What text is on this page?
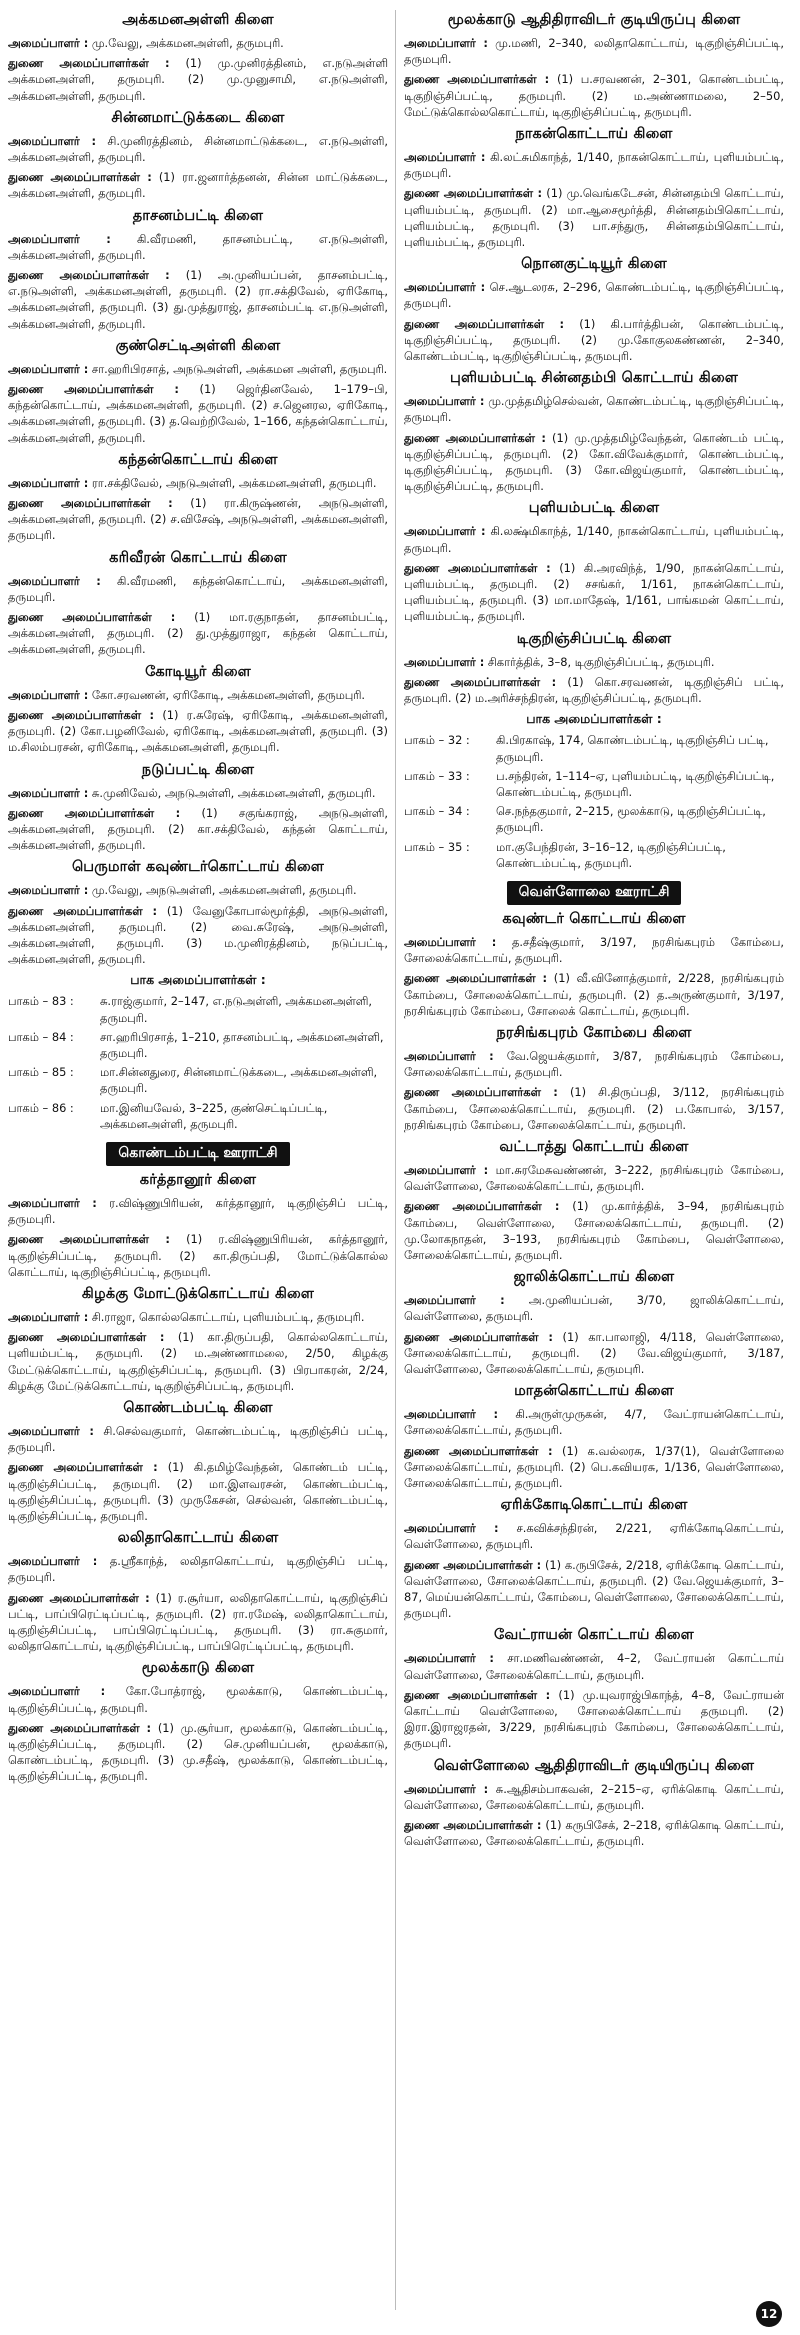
அக்கமனஅள்ளி கிளை
அமைப்பாளர் : மு.வேலு, அக்கமனஅள்ளி, தருமபுரி.
துணை அமைப்பாளர்கள் : (1) மு.முனிரத்தினம், எ.நடுஅள்ளி அக்கமனஅள்ளி, தருமபுரி. (2) மு.முனுசாமி, எ.நடுஅள்ளி, அக்கமனஅள்ளி, தருமபுரி.
சின்னமாட்டுக்கடை கிளை
அமைப்பாளர் : சி.முனிரத்தினம், சின்னமாட்டுக்கடை, எ.நடுஅள்ளி, அக்கமனஅள்ளி, தருமபுரி.
துணை அமைப்பாளர்கள் : (1) ரா.ஜனார்த்தனன், சின்ன மாட்டுக்கடை, அக்கமனஅள்ளி, தருமபுரி.
தாசனம்பட்டி கிளை
அமைப்பாளர் : கி.வீரமணி, தாசனம்பட்டி, எ.நடுஅள்ளி, அக்கமனஅள்ளி, தருமபுரி.
துணை அமைப்பாளர்கள் : (1) அ.முனியப்பன், தாசனம்பட்டி, எ.நடுஅள்ளி, அக்கமனஅள்ளி, தருமபுரி. (2) ரா.சக்திவேல், ஏரிகோடி, அக்கமனஅள்ளி, தருமபுரி. (3) து.முத்துராஜ், தாசனம்பட்டி எ.நடுஅள்ளி, அக்கமனஅள்ளி, தருமபுரி.
குண்செட்டிஅள்ளி கிளை
அமைப்பாளர் : சா.ஹரிபிரசாத், அநடுஅள்ளி, அக்கமன அள்ளி, தருமபுரி.
துணை அமைப்பாளர்கள் : (1) ஜெர்தினவேல், 1–179–பி, கந்தன்கொட்டாய், அக்கமனஅள்ளி, தருமபுரி. (2) ச.ஜெனரல, ஏரிகோடி, அக்கமனஅள்ளி, தருமபுரி. (3) த.வெற்றிவேல், 1–166, கந்தன்கொட்டாய், அக்கமனஅள்ளி, தருமபுரி.
கந்தன்கொட்டாய் கிளை
அமைப்பாளர் : ரா.சக்திவேல், அநடுஅள்ளி, அக்கமனஅள்ளி, தருமபுரி.
துணை அமைப்பாளர்கள் : (1) ரா.கிருஷ்ணன், அநடுஅள்ளி, அக்கமனஅள்ளி, தருமபுரி. (2) ச.விசேஷ், அநடுஅள்ளி, அக்கமனஅள்ளி, தருமபுரி.
கரிவீரன் கொட்டாய் கிளை
அமைப்பாளர் : கி.வீரமணி, கந்தன்கொட்டாய், அக்கமனஅள்ளி, தருமபுரி.
துணை அமைப்பாளர்கள் : (1) மா.ரகுநாதன், தாசனம்பட்டி, அக்கமனஅள்ளி, தருமபுரி. (2) து.முத்துராஜா, கந்தன் கொட்டாய், அக்கமனஅள்ளி, தருமபுரி.
கோடியூர் கிளை
அமைப்பாளர் : கோ.சரவணன், ஏரிகோடி, அக்கமனஅள்ளி, தருமபுரி.
துணை அமைப்பாளர்கள் : (1) ர.சுரேஷ், ஏரிகோடி, அக்கமனஅள்ளி, தருமபுரி. (2) கோ.பழனிவேல், ஏரிகோடி, அக்கமனஅள்ளி, தருமபுரி. (3) ம.சிலம்பரசன், ஏரிகோடி, அக்கமனஅள்ளி, தருமபுரி.
நடுப்பட்டி கிளை
அமைப்பாளர் : சு.முனிவேல், அநடுஅள்ளி, அக்கமனஅள்ளி, தருமபுரி.
துணை அமைப்பாளர்கள் : (1) சகுங்கராஜ், அநடுஅள்ளி, அக்கமனஅள்ளி, தருமபுரி. (2) கா.சக்திவேல், கந்தன் கொட்டாய், அக்கமனஅள்ளி, தருமபுரி.
பெருமாள் கவுண்டர்கொட்டாய் கிளை
அமைப்பாளர் : மு.வேலு, அநடுஅள்ளி, அக்கமனஅள்ளி, தருமபுரி.
துணை அமைப்பாளர்கள் : (1) வேனுகோபால்மூர்த்தி, அநடுஅள்ளி, அக்கமனஅள்ளி, தருமபுரி. (2) வை.சுரேஷ், அநடுஅள்ளி, அக்கமனஅள்ளி, தருமபுரி. (3) ம.முனிரத்தினம், நடுப்பட்டி, அக்கமனஅள்ளி, தருமபுரி.
பாக அமைப்பாளர்கள் :
பாகம் – 83 :	சு.ராஜ்குமார், 2–147, எ.நடுஅள்ளி, அக்கமனஅள்ளி, தருமபுரி.
பாகம் – 84 :	சா.ஹரிபிரசாத், 1–210, தாசனம்பட்டி, அக்கமனஅள்ளி, தருமபுரி.
பாகம் – 85 :	மா.சின்னதுரை, சின்னமாட்டுக்கடை, அக்கமனஅள்ளி, தருமபுரி.
பாகம் – 86 :	மா.இனியவேல், 3–225, குண்செட்டிப்பட்டி, அக்கமனஅள்ளி, தருமபுரி.
கொண்டம்பட்டி ஊராட்சி
கர்த்தானூர் கிளை
அமைப்பாளர் : ர.விஷ்ணுபிரியன், கர்த்தானூர், டிகுறிஞ்சிப் பட்டி, தருமபுரி.
துணை அமைப்பாளர்கள் : (1) ர.விஷ்ணுபிரியன், கர்த்தானூர், டிகுறிஞ்சிப்பட்டி, தருமபுரி. (2) கா.திருப்பதி, மோட்டுக்கொல்ல கொட்டாய், டிகுறிஞ்சிப்பட்டி, தருமபுரி.
கிழக்கு மோட்டுக்கொட்டாய் கிளை
அமைப்பாளர் : சி.ராஜா, கொல்லகொட்டாய், புளியம்பட்டி, தருமபுரி.
துணை அமைப்பாளர்கள் : (1) கா.திருப்பதி, கொல்லகொட்டாய், புளியம்பட்டி, தருமபுரி. (2) ம.அண்ணாமலை, 2/50, கிழக்கு மேட்டுக்கொட்டாய், டிகுறிஞ்சிப்பட்டி, தருமபுரி. (3) பிரபாகரன், 2/24, கிழக்கு மேட்டுக்கொட்டாய், டிகுறிஞ்சிப்பட்டி, தருமபுரி.
கொண்டம்பட்டி கிளை
அமைப்பாளர் : சி.செல்வகுமார், கொண்டம்பட்டி, டிகுறிஞ்சிப் பட்டி, தருமபுரி.
துணை அமைப்பாளர்கள் : (1) கி.தமிழ்வேந்தன், கொண்டம் பட்டி, டிகுறிஞ்சிப்பட்டி, தருமபுரி. (2) மா.இளவரசன், கொண்டம்பட்டி, டிகுறிஞ்சிப்பட்டி, தருமபுரி. (3) முருகேசன், செல்வன், கொண்டம்பட்டி, டிகுறிஞ்சிப்பட்டி, தருமபுரி.
லலிதாகொட்டாய் கிளை
அமைப்பாளர் : த.ஸ்ரீகாந்த், லலிதாகொட்டாய், டிகுறிஞ்சிப் பட்டி, தருமபுரி.
துணை அமைப்பாளர்கள் : (1) ர.சூர்யா, லலிதாகொட்டாய், டிகுறிஞ்சிப் பட்டி, பாப்பிரெட்டிப்பட்டி, தருமபுரி. (2) ரா.ரமேஷ், லலிதாகொட்டாய், டிகுறிஞ்சிப்பட்டி, பாப்பிரெட்டிப்பட்டி, தருமபுரி. (3) ரா.சுகுமார், லலிதாகொட்டாய், டிகுறிஞ்சிப்பட்டி, பாப்பிரெட்டிப்பட்டி, தருமபுரி.
மூலக்காடு கிளை
அமைப்பாளர் : கோ.போத்ராஜ், மூலக்காடு, கொண்டம்பட்டி, டிகுறிஞ்சிப்பட்டி, தருமபுரி.
துணை அமைப்பாளர்கள் : (1) மு.சூர்யா, மூலக்காடு, கொண்டம்பட்டி, டிகுறிஞ்சிப்பட்டி, தருமபுரி. (2) செ.முனியப்பன், மூலக்காடு, கொண்டம்பட்டி, தருமபுரி. (3) மு.சதீஷ், மூலக்காடு, கொண்டம்பட்டி, டிகுறிஞ்சிப்பட்டி, தருமபுரி.
மூலக்காடு ஆதிதிராவிடர் குடியிருப்பு கிளை
அமைப்பாளர் : மு.மணி, 2–340, லலிதாகொட்டாய், டிகுறிஞ்சிப்பட்டி, தருமபுரி.
துணை அமைப்பாளர்கள் : (1) ப.சரவணன், 2–301, கொண்டம்பட்டி, டிகுறிஞ்சிப்பட்டி, தருமபுரி. (2) ம.அண்ணாமலை, 2–50, மேட்டுக்கொல்லகொட்டாய், டிகுறிஞ்சிப்பட்டி, தருமபுரி.
நாகன்கொட்டாய் கிளை
அமைப்பாளர் : கி.லட்சுமிகாந்த், 1/140, நாகன்கொட்டாய், புளியம்பட்டி, தருமபுரி.
துணை அமைப்பாளர்கள் : (1) மு.வெங்கடேசன், சின்னதம்பி கொட்டாய், புளியம்பட்டி, தருமபுரி. (2) மா.ஆசைமூர்த்தி, சின்னதம்பிகொட்டாய், புளியம்பட்டி, தருமபுரி. (3) பா.சந்துரு, சின்னதம்பிகொட்டாய், புளியம்பட்டி, தருமபுரி.
நொனகுட்டியூர் கிளை
அமைப்பாளர் : செ.ஆடலரசு, 2–296, கொண்டம்பட்டி, டிகுறிஞ்சிப்பட்டி, தருமபுரி.
துணை அமைப்பாளர்கள் : (1) கி.பார்த்திபன், கொண்டம்பட்டி, டிகுறிஞ்சிப்பட்டி, தருமபுரி. (2) மு.கோகுலகண்ணன், 2–340, கொண்டம்பட்டி, டிகுறிஞ்சிப்பட்டி, தருமபுரி.
புளியம்பட்டி சின்னதம்பி கொட்டாய் கிளை
அமைப்பாளர் : மு.முத்தமிழ்செல்வன், கொண்டம்பட்டி, டிகுறிஞ்சிப்பட்டி, தருமபுரி.
துணை அமைப்பாளர்கள் : (1) மு.முத்தமிழ்வேந்தன், கொண்டம் பட்டி, டிகுறிஞ்சிப்பட்டி, தருமபுரி. (2) கோ.விவேக்குமார், கொண்டம்பட்டி, டிகுறிஞ்சிப்பட்டி, தருமபுரி. (3) கோ.விஜய்குமார், கொண்டம்பட்டி, டிகுறிஞ்சிப்பட்டி, தருமபுரி.
புளியம்பட்டி கிளை
அமைப்பாளர் : கி.லக்ஷ்மிகாந்த், 1/140, நாகன்கொட்டாய், புளியம்பட்டி, தருமபுரி.
துணை அமைப்பாளர்கள் : (1) கி.அரவிந்த், 1/90, நாகன்கொட்டாய், புளியம்பட்டி, தருமபுரி. (2) சசங்கர், 1/161, நாகன்கொட்டாய், புளியம்பட்டி, தருமபுரி. (3) மா.மாதேஷ், 1/161, பாங்கமன் கொட்டாய், புளியம்பட்டி, தருமபுரி.
டிகுறிஞ்சிப்பட்டி கிளை
அமைப்பாளர் : சிகார்த்திக், 3–8, டிகுறிஞ்சிப்பட்டி, தருமபுரி.
துணை அமைப்பாளர்கள் : (1) கொ.சரவணன், டிகுறிஞ்சிப் பட்டி, தருமபுரி. (2) ம.அரிச்சந்திரன், டிகுறிஞ்சிப்பட்டி, தருமபுரி.
பாக அமைப்பாளர்கள் :
பாகம் – 32 :	கி.பிரகாஷ், 174, கொண்டம்பட்டி, டிகுறிஞ்சிப் பட்டி, தருமபுரி.
பாகம் – 33 :	ப.சந்திரன், 1–114–ஏ, புளியம்பட்டி, டிகுறிஞ்சிப்பட்டி, கொண்டம்பட்டி, தருமபுரி.
பாகம் – 34 :	செ.நந்தகுமார், 2–215, மூலக்காடு, டிகுறிஞ்சிப்பட்டி, தருமபுரி.
பாகம் – 35 :	மா.குபேந்திரன், 3–16–12, டிகுறிஞ்சிப்பட்டி, கொண்டம்பட்டி, தருமபுரி.
வெள்ளோலை ஊராட்சி
கவுண்டர் கொட்டாய் கிளை
அமைப்பாளர் : த.சதீஷ்குமார், 3/197, நரசிங்கபுரம் கோம்பை, சோலைக்கொட்டாய், தருமபுரி.
துணை அமைப்பாளர்கள் : (1) வீ.வினோத்குமார், 2/228, நரசிங்கபுரம் கோம்பை, சோலைக்கொட்டாய், தருமபுரி. (2) த.அருண்குமார், 3/197, நரசிங்கபுரம் கோம்பை, சோலைக் கொட்டாய், தருமபுரி.
நரசிங்கபுரம் கோம்பை கிளை
அமைப்பாளர் : வே.ஜெயக்குமார், 3/87, நரசிங்கபுரம் கோம்பை, சோலைக்கொட்டாய், தருமபுரி.
துணை அமைப்பாளர்கள் : (1) சி.திருப்பதி, 3/112, நரசிங்கபுரம் கோம்பை, சோலைக்கொட்டாய், தருமபுரி. (2) ப.கோபால், 3/157, நரசிங்கபுரம் கோம்பை, சோலைக்கொட்டாய், தருமபுரி.
வட்டாத்து கொட்டாய் கிளை
அமைப்பாளர் : மா.சுரமேசுவண்ணன், 3–222, நரசிங்கபுரம் கோம்பை, வெள்ளோலை, சோலைக்கொட்டாய், தருமபுரி.
துணை அமைப்பாளர்கள் : (1) மு.கார்த்திக், 3–94, நரசிங்கபுரம் கோம்பை, வெள்ளோலை, சோலைக்கொட்டாய், தருமபுரி. (2) மு.லோகநாதன், 3–193, நரசிங்கபுரம் கோம்பை, வெள்ளோலை, சோலைக்கொட்டாய், தருமபுரி.
ஜாலிக்கொட்டாய் கிளை
அமைப்பாளர் : அ.முனியப்பன், 3/70, ஜாலிக்கொட்டாய், வெள்ளோலை, தருமபுரி.
துணை அமைப்பாளர்கள் : (1) கா.பாலாஜி, 4/118, வெள்ளோலை, சோலைக்கொட்டாய், தருமபுரி. (2) வே.விஜய்குமார், 3/187, வெள்ளோலை, சோலைக்கொட்டாய், தருமபுரி.
மாதன்கொட்டாய் கிளை
அமைப்பாளர் : கி.அருள்முருகன், 4/7, வேட்ராயன்கொட்டாய், சோலைக்கொட்டாய், தருமபுரி.
துணை அமைப்பாளர்கள் : (1) க.வல்லரசு, 1/37(1), வெள்ளோலை சோலைக்கொட்டாய், தருமபுரி. (2) பெ.கவியரசு, 1/136, வெள்ளோலை, சோலைக்கொட்டாய், தருமபுரி.
ஏரிக்கோடிகொட்டாய் கிளை
அமைப்பாளர் : ச.கவிக்சந்திரன், 2/221, ஏரிக்கோடிகொட்டாய், வெள்ளோலை, தருமபுரி.
துணை அமைப்பாளர்கள் : (1) க.ருபிசேக், 2/218, ஏரிக்கோடி கொட்டாய், வெள்ளோலை, சோலைக்கொட்டாய், தருமபுரி. (2) வே.ஜெயக்குமார், 3–87, மெய்யன்கொட்டாய், கோம்பை, வெள்ளோலை, சோலைக்கொட்டாய், தருமபுரி.
வேட்ராயன் கொட்டாய் கிளை
அமைப்பாளர் : சா.மணிவண்ணன், 4–2, வேட்ராயன் கொட்டாய் வெள்ளோலை, சோலைக்கொட்டாய், தருமபுரி.
துணை அமைப்பாளர்கள் : (1) மு.யுவராஜ்பிகாந்த், 4–8, வேட்ராயன் கொட்டாய் வெள்ளோலை, சோலைக்கொட்டாய் தருமபுரி. (2) இரா.இராஜரதன், 3/229, நரசிங்கபுரம் கோம்பை, சோலைக்கொட்டாய், தருமபுரி.
வெள்ளோலை ஆதிதிராவிடர் குடியிருப்பு கிளை
அமைப்பாளர் : சு.ஆதிசம்பாகவன், 2–215–ஏ, ஏரிக்கொடி கொட்டாய், வெள்ளோலை, சோலைக்கொட்டாய், தருமபுரி.
துணை அமைப்பாளர்கள் : (1) கருபிசேக், 2–218, ஏரிக்கொடி கொட்டாய், வெள்ளோலை, சோலைக்கொட்டாய், தருமபுரி.
12
